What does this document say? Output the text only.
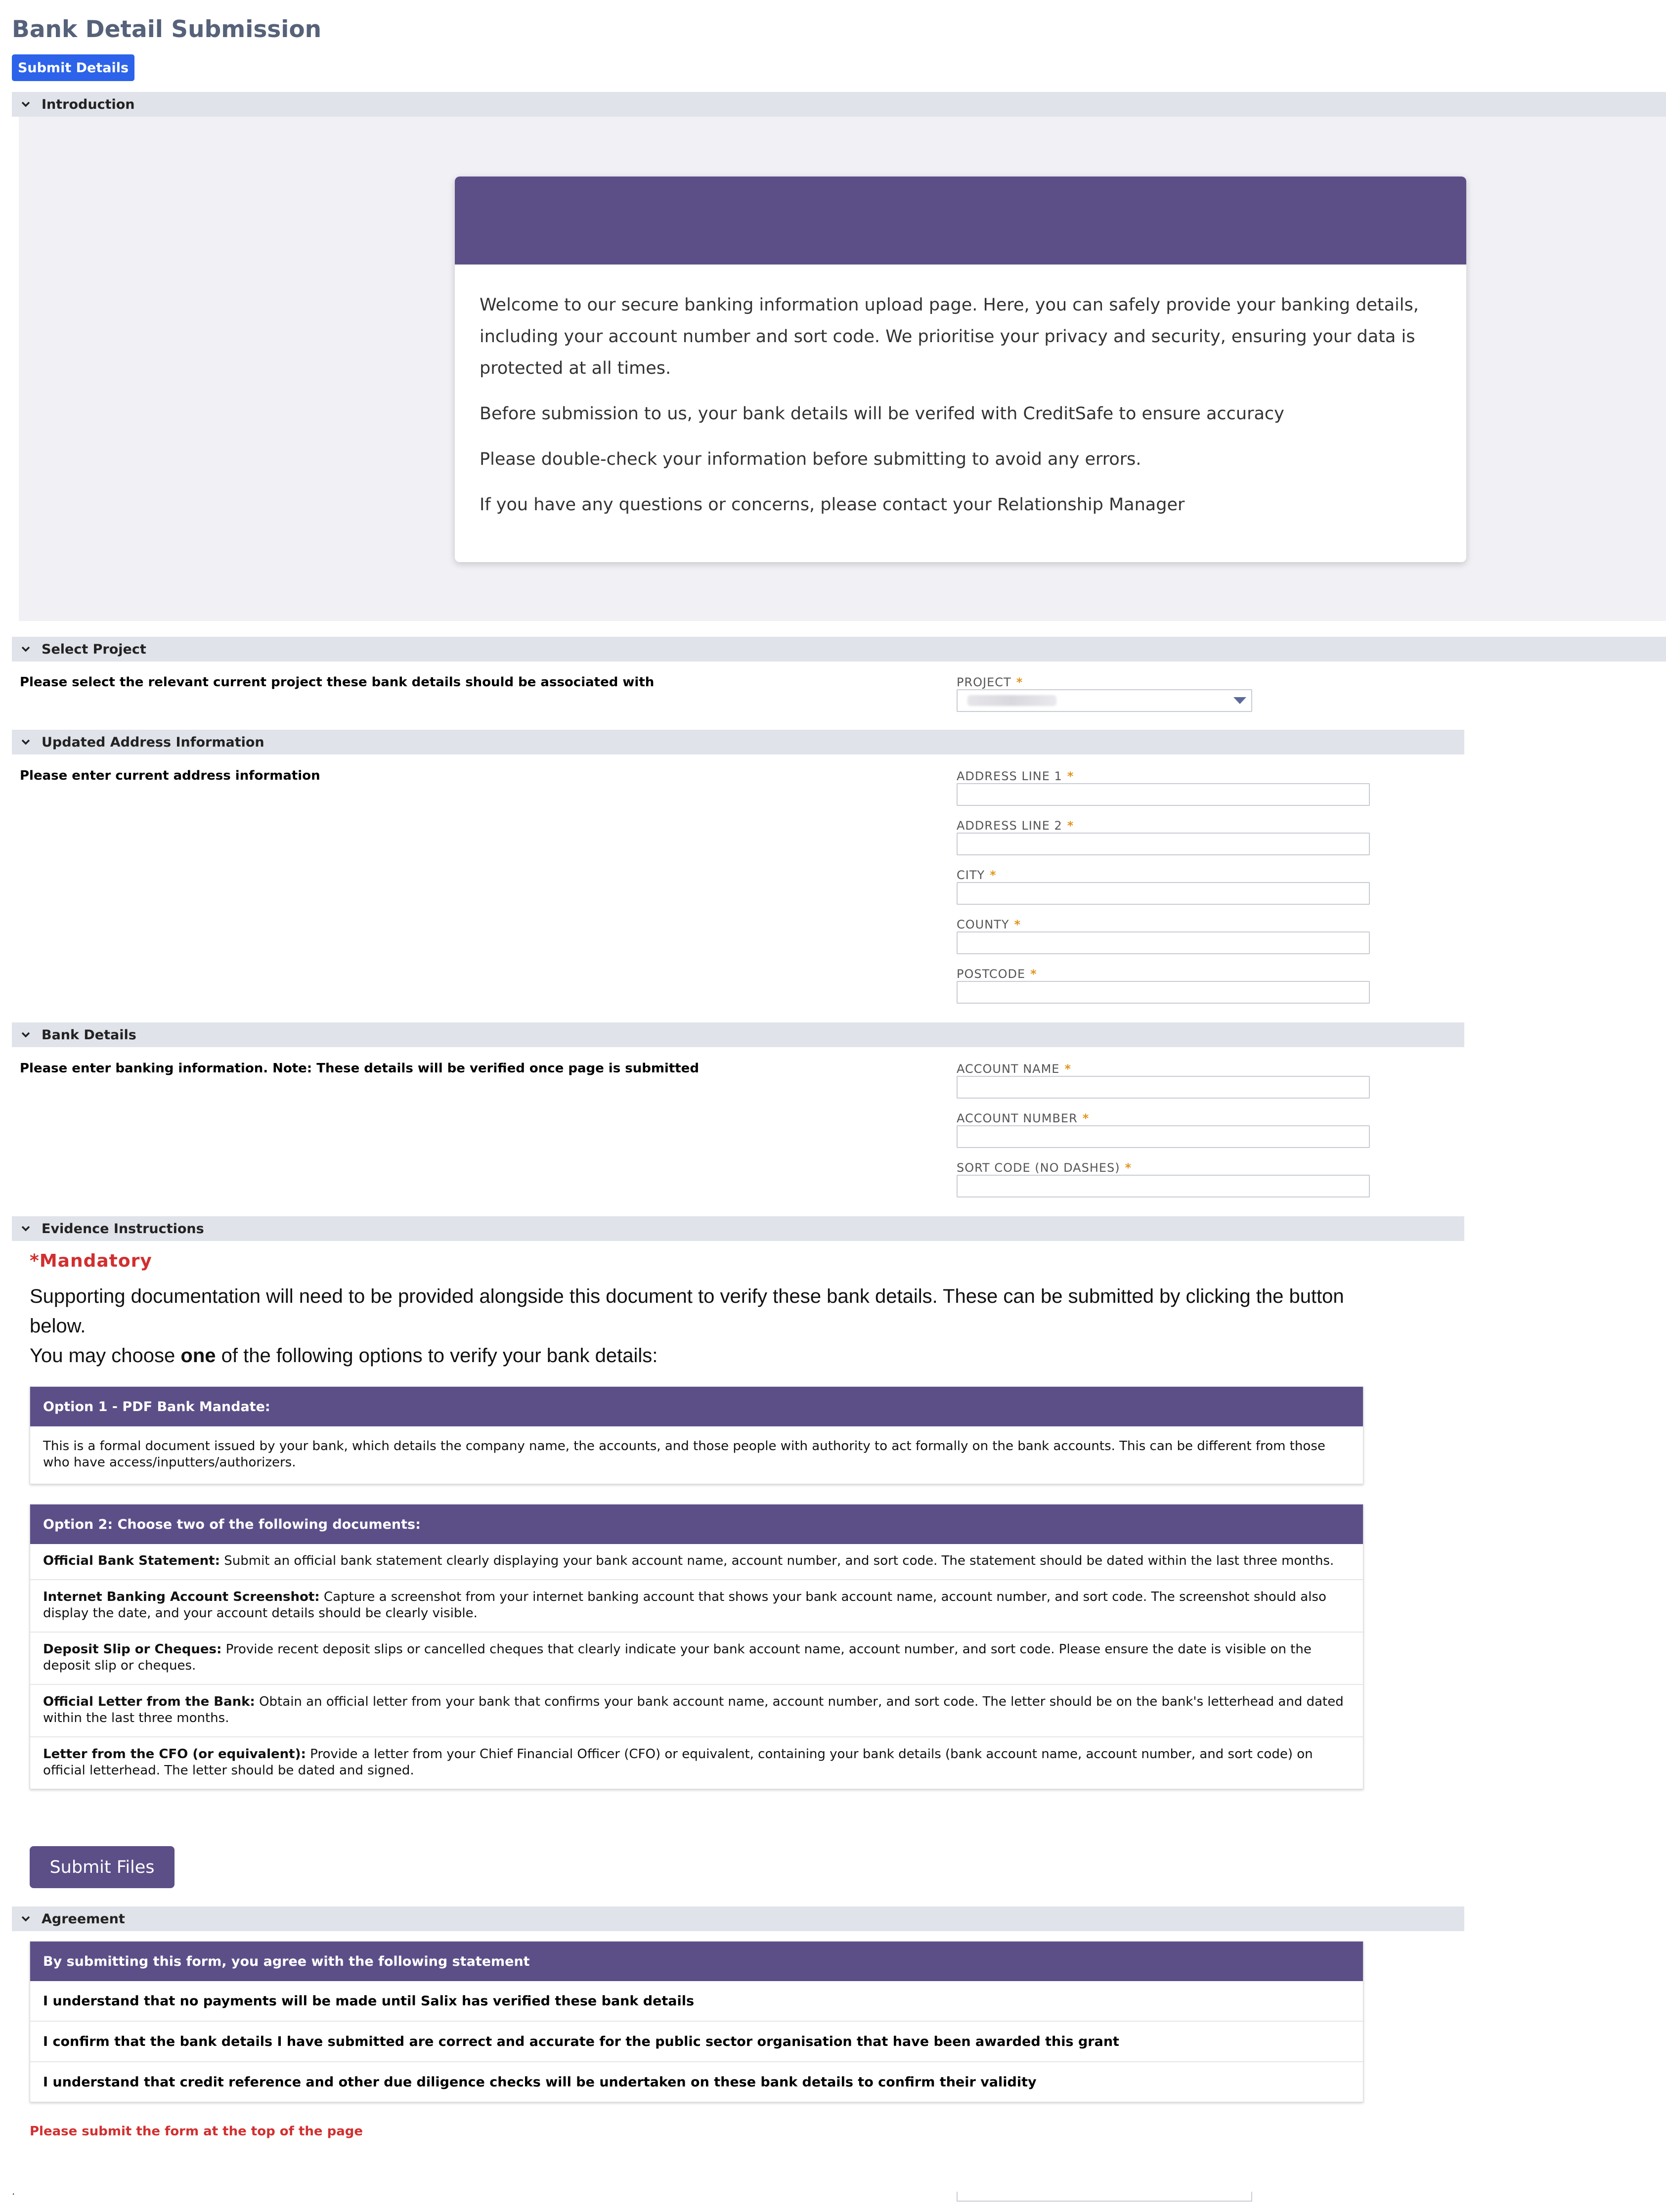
Bank Detail Submission
Submit Details
Introduction

Welcome to our secure banking information upload page. Here, you can safely provide your banking details, including your account number and sort code. We prioritise your privacy and security, ensuring your data is protected at all times.

Before submission to us, your bank details will be verifed with CreditSafe to ensure accuracy

Please double-check your information before submitting to avoid any errors.

If you have any questions or concerns, please contact your Relationship Manager

Select Project
Please select the relevant current project these bank details should be associated with	PROJECT *
Updated Address Information
Please enter current address information	ADDRESS LINE 1 *
ADDRESS LINE 2 *
CITY *
COUNTY *
POSTCODE *
Bank Details
Please enter banking information. Note: These details will be verified once page is submitted	ACCOUNT NAME *
ACCOUNT NUMBER *
SORT CODE (NO DASHES) *
Evidence Instructions
*Mandatory

Supporting documentation will need to be provided alongside this document to verify these bank details. These can be submitted by clicking the button below.

You may choose one of the following options to verify your bank details:

Option 1 - PDF Bank Mandate:
This is a formal document issued by your bank, which details the company name, the accounts, and those people with authority to act formally on the bank accounts. This can be different from those who have access/inputters/authorizers.
Option 2: Choose two of the following documents:
Official Bank Statement: Submit an official bank statement clearly displaying your bank account name, account number, and sort code. The statement should be dated within the last three months.
Internet Banking Account Screenshot: Capture a screenshot from your internet banking account that shows your bank account name, account number, and sort code. The screenshot should also display the date, and your account details should be clearly visible.
Deposit Slip or Cheques: Provide recent deposit slips or cancelled cheques that clearly indicate your bank account name, account number, and sort code. Please ensure the date is visible on the deposit slip or cheques.
Official Letter from the Bank: Obtain an official letter from your bank that confirms your bank account name, account number, and sort code. The letter should be on the bank's letterhead and dated within the last three months.
Letter from the CFO (or equivalent): Provide a letter from your Chief Financial Officer (CFO) or equivalent, containing your bank details (bank account name, account number, and sort code) on official letterhead. The letter should be dated and signed.
Submit Files
Agreement
By submitting this form, you agree with the following statement
I understand that no payments will be made until Salix has verified these bank details
I confirm that the bank details I have submitted are correct and accurate for the public sector organisation that have been awarded this grant
I understand that credit reference and other due diligence checks will be undertaken on these bank details to confirm their validity
Please submit the form at the top of the page
.
